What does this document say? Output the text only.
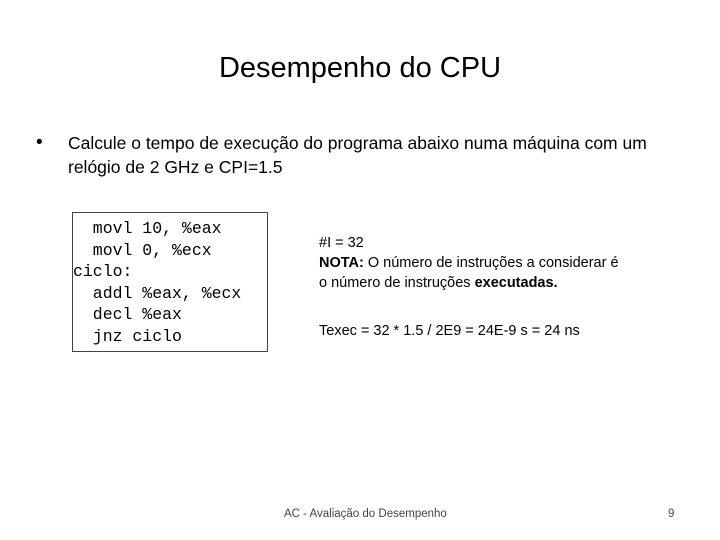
Desempenho do CPU
• Calcule o tempo de execução do programa abaixo numa máquina com um relógio de 2 GHz e CPI=1.5
movl 10, %eax
movl 0, %ecx
ciclo:
addl %eax, %ecx
decl %eax
jnz ciclo
#I = 32
NOTA: O número de instruções a considerar é
o número de instruções executadas.
Texec = 32 * 1.5 / 2E9 = 24E-9 s = 24 ns
AC - Avaliação do Desempenho	9
